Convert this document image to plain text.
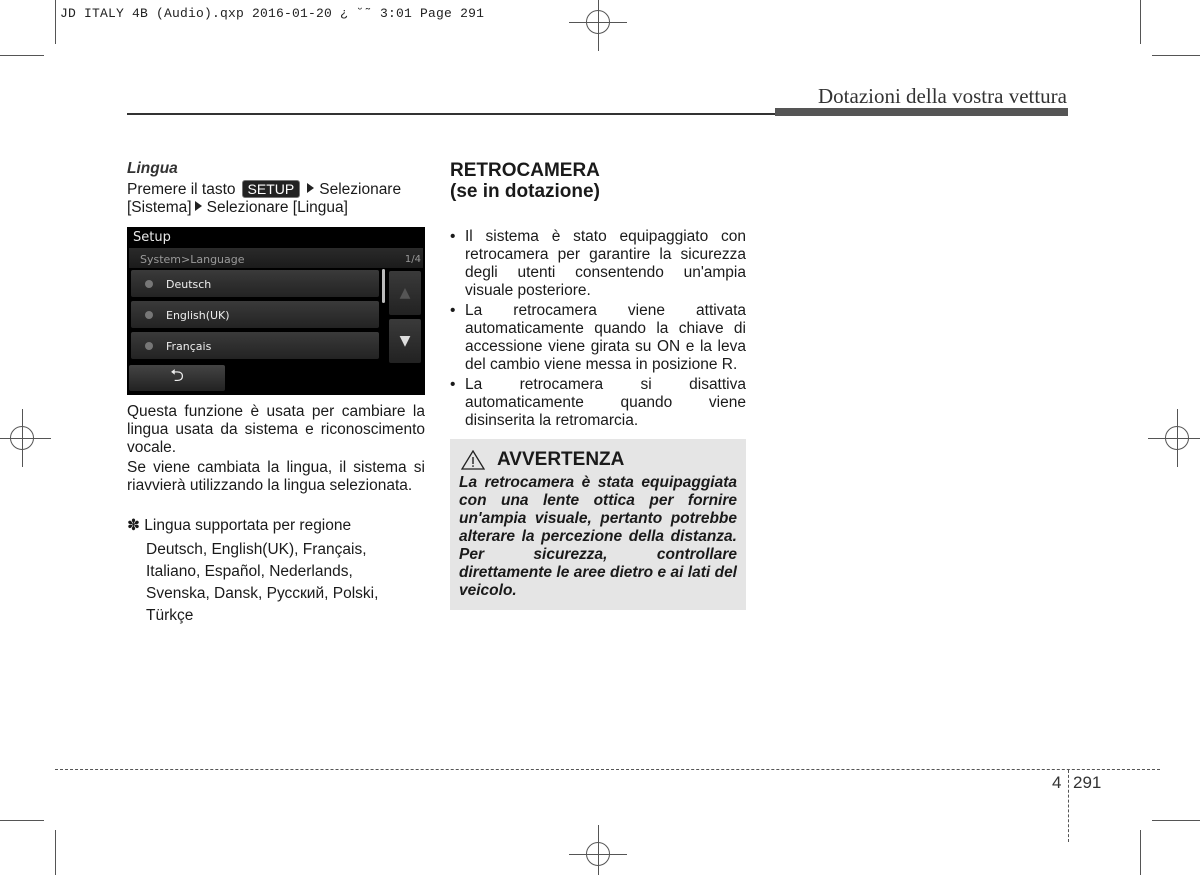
JD ITALY 4B (Audio).qxp 2016-01-20 ¿ ˘˜ 3:01 Page 291
Dotazioni della vostra vettura
Lingua
Premere il tasto SETUP Selezionare
[Sistema] Selezionare [Lingua]
Setup
System>Language	1/4
Deutsch
English(UK)
Français
▲
▼
⮌
Questa funzione è usata per cambiare la lingua usata da sistema e riconoscimento vocale.
Se viene cambiata la lingua, il sistema si riavvierà utilizzando la lingua selezionata.
✽ Lingua supportata per regione
Deutsch, English(UK), Français,
Italiano, Español, Nederlands,
Svenska, Dansk, Русский, Polski,
Türkçe
RETROCAMERA
(se in dotazione)
• Il sistema è stato equipaggiato con retrocamera per garantire la sicurezza degli utenti consentendo un'ampia visuale posteriore.
• La retrocamera viene attivata automaticamente quando la chiave di accessione viene girata su ON e la leva del cambio viene messa in posizione R.
• La retrocamera si disattiva automaticamente quando viene disinserita la retromarcia.
AVVERTENZA
La retrocamera è stata equipaggiata con una lente ottica per fornire un'ampia visuale, pertanto potrebbe alterare la percezione della distanza. Per sicurezza, controllare direttamente le aree dietro e ai lati del veicolo.
4 291
